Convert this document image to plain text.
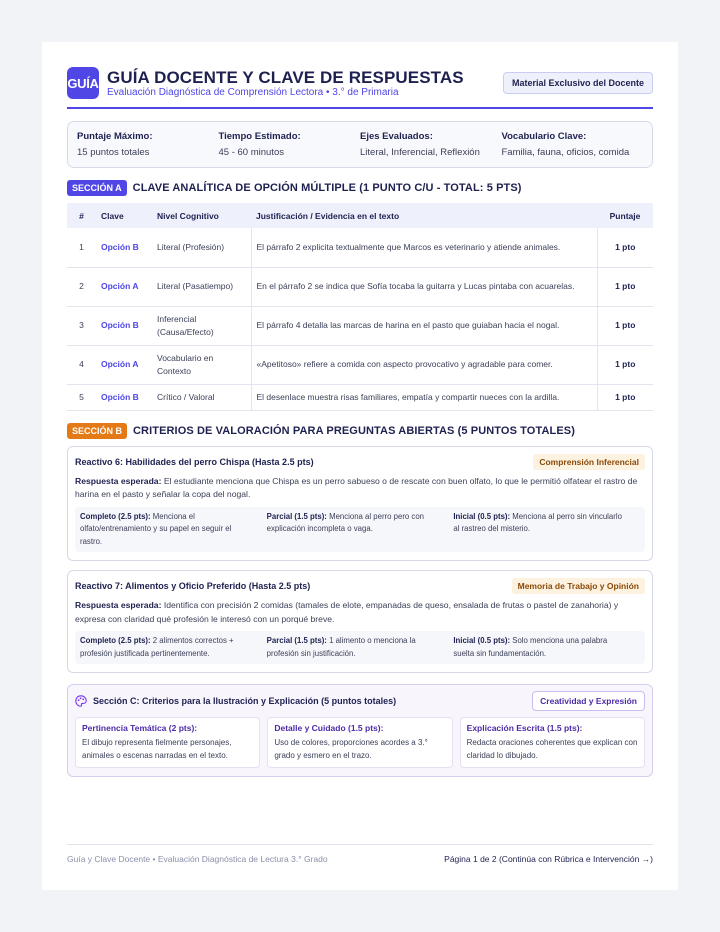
GUÍA GUÍA DOCENTE Y CLAVE DE RESPUESTAS
Evaluación Diagnóstica de Comprensión Lectora • 3.° de Primaria
Material Exclusivo del Docente
Puntaje Máximo:
15 puntos totales
Tiempo Estimado:
45 - 60 minutos
Ejes Evaluados:
Literal, Inferencial, Reflexión
Vocabulario Clave:
Familia, fauna, oficios, comida
SECCIÓN A	CLAVE ANALÍTICA DE OPCIÓN MÚLTIPLE (1 PUNTO C/U - TOTAL: 5 PTS)
#	Clave	Nivel Cognitivo	Justificación / Evidencia en el texto	Puntaje
1	Opción B	Literal (Profesión)	El párrafo 2 explicita textualmente que Marcos es veterinario y atiende animales.	1 pto
2	Opción A	Literal (Pasatiempo)	En el párrafo 2 se indica que Sofía tocaba la guitarra y Lucas pintaba con acuarelas.	1 pto
3	Opción B	Inferencial (Causa/Efecto)	El párrafo 4 detalla las marcas de harina en el pasto que guiaban hacia el nogal.	1 pto
4	Opción A	Vocabulario en Contexto	«Apetitoso» refiere a comida con aspecto provocativo y agradable para comer.	1 pto
5	Opción B	Crítico / Valoral	El desenlace muestra risas familiares, empatía y compartir nueces con la ardilla.	1 pto
SECCIÓN B	CRITERIOS DE VALORACIÓN PARA PREGUNTAS ABIERTAS (5 PUNTOS TOTALES)
Reactivo 6: Habilidades del perro Chispa (Hasta 2.5 pts)	Comprensión Inferencial
Respuesta esperada: El estudiante menciona que Chispa es un perro sabueso o de rescate con buen olfato, lo que le permitió olfatear el rastro de harina en el pasto y señalar la copa del nogal.
Completo (2.5 pts): Menciona el olfato/entrenamiento y su papel en seguir el rastro.
Parcial (1.5 pts): Menciona al perro pero con explicación incompleta o vaga.
Inicial (0.5 pts): Menciona al perro sin vincularlo al rastreo del misterio.
Reactivo 7: Alimentos y Oficio Preferido (Hasta 2.5 pts)	Memoria de Trabajo y Opinión
Respuesta esperada: Identifica con precisión 2 comidas (tamales de elote, empanadas de queso, ensalada de frutas o pastel de zanahoria) y expresa con claridad qué profesión le interesó con un porqué breve.
Completo (2.5 pts): 2 alimentos correctos + profesión justificada pertinentemente.
Parcial (1.5 pts): 1 alimento o menciona la profesión sin justificación.
Inicial (0.5 pts): Solo menciona una palabra suelta sin fundamentación.
Sección C: Criterios para la Ilustración y Explicación (5 puntos totales)	Creatividad y Expresión
Pertinencia Temática (2 pts):
El dibujo representa fielmente personajes, animales o escenas narradas en el texto.
Detalle y Cuidado (1.5 pts):
Uso de colores, proporciones acordes a 3.° grado y esmero en el trazo.
Explicación Escrita (1.5 pts):
Redacta oraciones coherentes que explican con claridad lo dibujado.
Guía y Clave Docente • Evaluación Diagnóstica de Lectura 3.° Grado	Página 1 de 2 (Continúa con Rúbrica e Intervención →)
